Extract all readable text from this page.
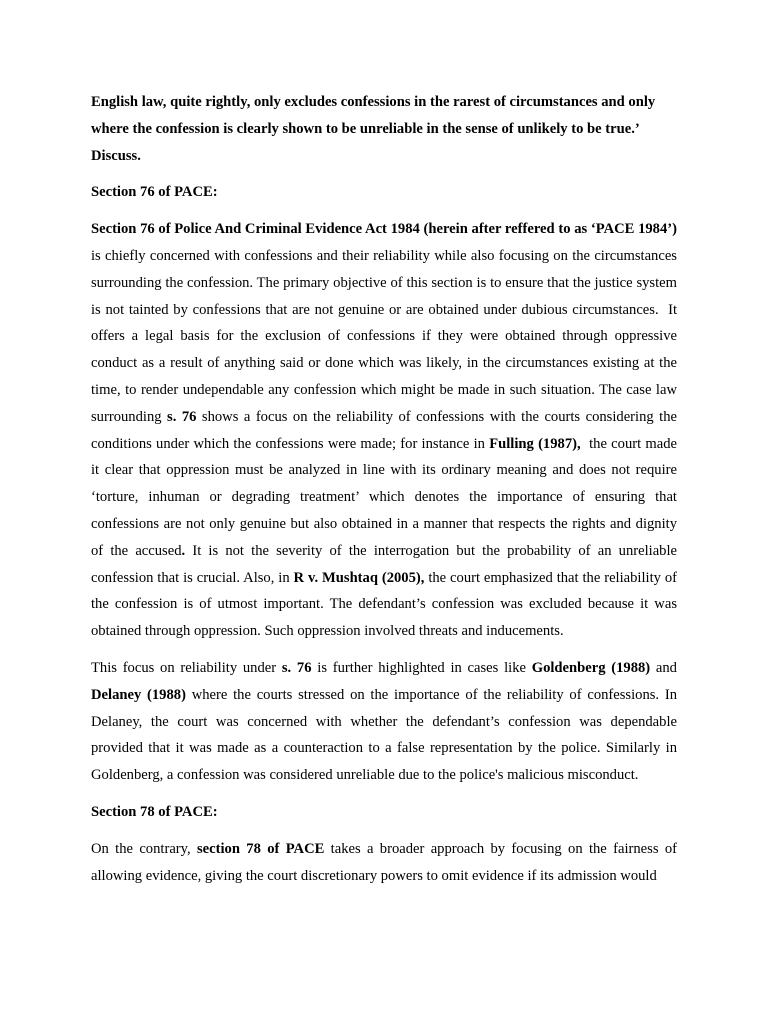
English law, quite rightly, only excludes confessions in the rarest of circumstances and only where the confession is clearly shown to be unreliable in the sense of unlikely to be true.’ Discuss.

Section 76 of PACE:

Section 76 of Police And Criminal Evidence Act 1984 (herein after reffered to as ‘PACE 1984’) is chiefly concerned with confessions and their reliability while also focusing on the circumstances surrounding the confession. The primary objective of this section is to ensure that the justice system is not tainted by confessions that are not genuine or are obtained under dubious circumstances.  It offers a legal basis for the exclusion of confessions if they were obtained through oppressive conduct as a result of anything said or done which was likely, in the circumstances existing at the time, to render undependable any confession which might be made in such situation. The case law surrounding s. 76 shows a focus on the reliability of confessions with the courts considering the conditions under which the confessions were made; for instance in Fulling (1987),  the court made it clear that oppression must be analyzed in line with its ordinary meaning and does not require ‘torture, inhuman or degrading treatment’ which denotes the importance of ensuring that confessions are not only genuine but also obtained in a manner that respects the rights and dignity of the accused. It is not the severity of the interrogation but the probability of an unreliable confession that is crucial. Also, in R v. Mushtaq (2005), the court emphasized that the reliability of the confession is of utmost important. The defendant’s confession was excluded because it was obtained through oppression. Such oppression involved threats and inducements.

This focus on reliability under s. 76 is further highlighted in cases like Goldenberg (1988) and Delaney (1988) where the courts stressed on the importance of the reliability of confessions. In Delaney, the court was concerned with whether the defendant’s confession was dependable provided that it was made as a counteraction to a false representation by the police. Similarly in Goldenberg, a confession was considered unreliable due to the police's malicious misconduct.

Section 78 of PACE:

On the contrary, section 78 of PACE takes a broader approach by focusing on the fairness of allowing evidence, giving the court discretionary powers to omit evidence if its admission would
